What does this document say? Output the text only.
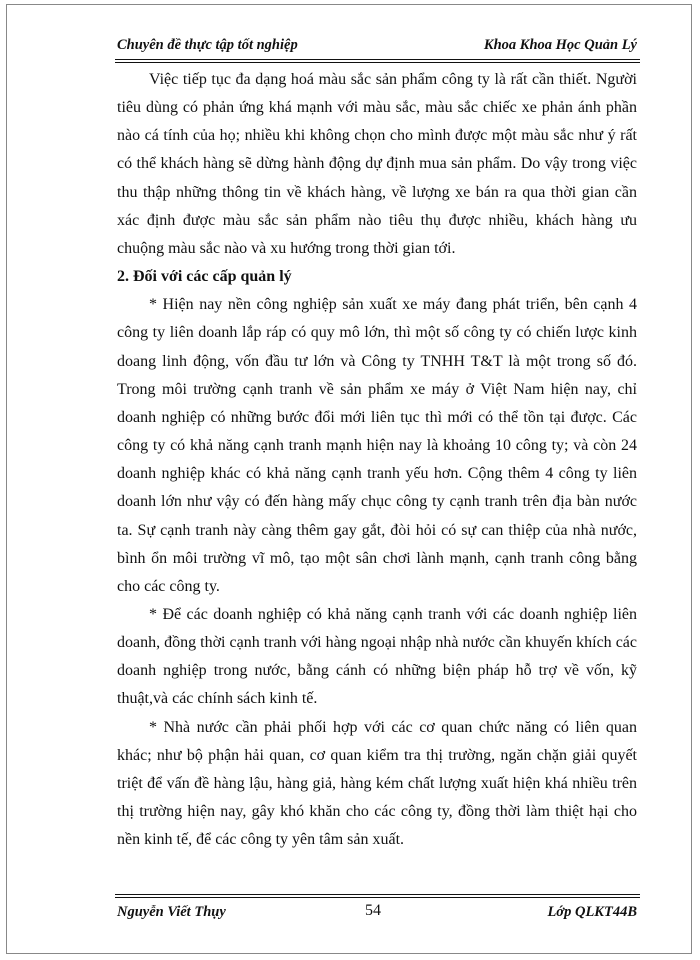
Chuyên đề thực tập tốt nghiệp	Khoa Khoa Học Quản Lý

Việc tiếp tục đa dạng hoá màu sắc sản phẩm công ty là rất cần thiết. Người tiêu dùng có phản ứng khá mạnh với màu sắc, màu sắc chiếc xe phản ánh phần nào cá tính của họ; nhiều khi không chọn cho mình được một màu sắc như ý rất có thể khách hàng sẽ dừng hành động dự định mua sản phẩm. Do vậy trong việc thu thập những thông tin về khách hàng, về lượng xe bán ra qua thời gian cần xác định được màu sắc sản phẩm nào tiêu thụ được nhiều, khách hàng ưu chuộng màu sắc nào và xu hướng trong thời gian tới.

2. Đối với các cấp quản lý

* Hiện nay nền công nghiệp sản xuất xe máy đang phát triển, bên cạnh 4 công ty liên doanh lắp ráp có quy mô lớn, thì một số công ty có chiến lược kinh doang linh động, vốn đầu tư lớn và Công ty TNHH T&T là một trong số đó. Trong môi trường cạnh tranh về sản phẩm xe máy ở Việt Nam hiện nay, chỉ doanh nghiệp có những bước đổi mới liên tục thì mới có thể tồn tại được. Các công ty có khả năng cạnh tranh mạnh hiện nay là khoảng 10 công ty; và còn 24 doanh nghiệp khác có khả năng cạnh tranh yếu hơn. Cộng thêm 4 công ty liên doanh lớn như vậy có đến hàng mấy chục công ty cạnh tranh trên địa bàn nước ta. Sự cạnh tranh này càng thêm gay gắt, đòi hỏi có sự can thiệp của nhà nước, bình ổn môi trường vĩ mô, tạo một sân chơi lành mạnh, cạnh tranh công bằng cho các công ty.

* Để các doanh nghiệp có khả năng cạnh tranh với các doanh nghiệp liên doanh, đồng thời cạnh tranh với hàng ngoại nhập nhà nước cần khuyến khích các doanh nghiệp trong nước, bằng cánh có những biện pháp hỗ trợ về vốn, kỹ thuật,và các chính sách kinh tế.

* Nhà nước cần phải phối hợp với các cơ quan chức năng có liên quan khác; như bộ phận hải quan, cơ quan kiểm tra thị trường, ngăn chặn giải quyết triệt để vấn đề hàng lậu, hàng giả, hàng kém chất lượng xuất hiện khá nhiều trên thị trường hiện nay, gây khó khăn cho các công ty, đồng thời làm thiệt hại cho nền kinh tế, để các công ty yên tâm sản xuất.

Nguyễn Viết Thụy	54	Lớp QLKT44B
